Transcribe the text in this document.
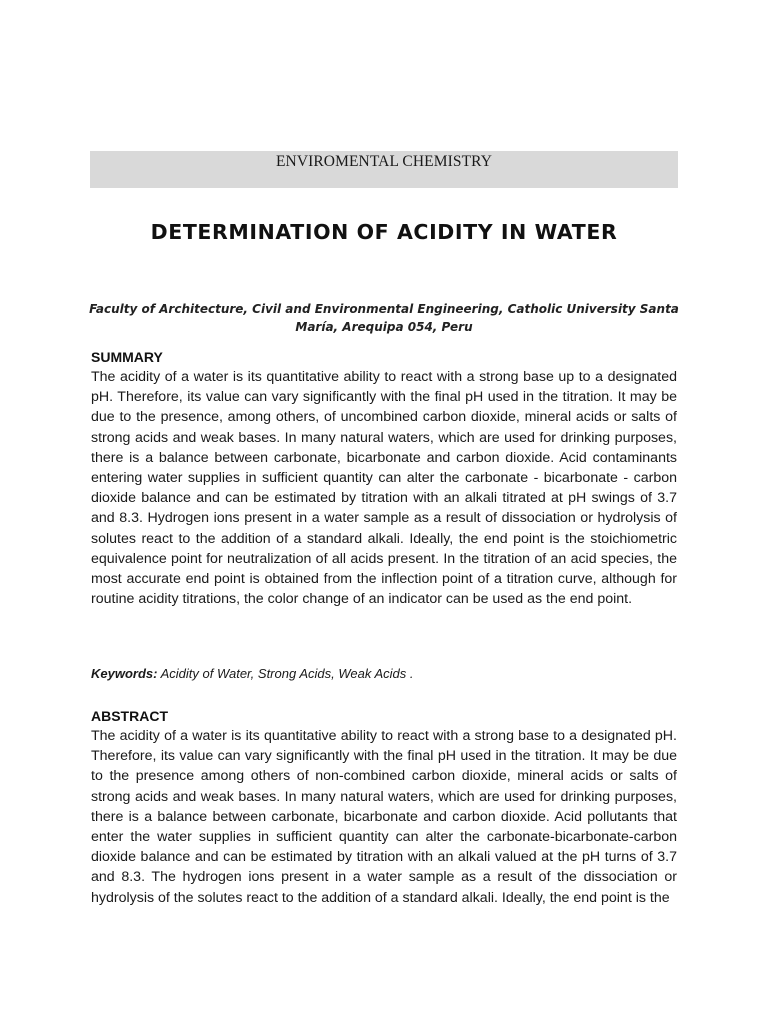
ENVIROMENTAL CHEMISTRY
DETERMINATION OF ACIDITY IN WATER
Faculty of Architecture, Civil and Environmental Engineering, Catholic University Santa María, Arequipa 054, Peru
SUMMARY
The acidity of a water is its quantitative ability to react with a strong base up to a designated pH. Therefore, its value can vary significantly with the final pH used in the titration. It may be due to the presence, among others, of uncombined carbon dioxide, mineral acids or salts of strong acids and weak bases. In many natural waters, which are used for drinking purposes, there is a balance between carbonate, bicarbonate and carbon dioxide. Acid contaminants entering water supplies in sufficient quantity can alter the carbonate - bicarbonate - carbon dioxide balance and can be estimated by titration with an alkali titrated at pH swings of 3.7 and 8.3. Hydrogen ions present in a water sample as a result of dissociation or hydrolysis of solutes react to the addition of a standard alkali. Ideally, the end point is the stoichiometric equivalence point for neutralization of all acids present. In the titration of an acid species, the most accurate end point is obtained from the inflection point of a titration curve, although for routine acidity titrations, the color change of an indicator can be used as the end point.
Keywords: Acidity of Water, Strong Acids, Weak Acids .
ABSTRACT
The acidity of a water is its quantitative ability to react with a strong base to a designated pH. Therefore, its value can vary significantly with the final pH used in the titration. It may be due to the presence among others of non-combined carbon dioxide, mineral acids or salts of strong acids and weak bases. In many natural waters, which are used for drinking purposes, there is a balance between carbonate, bicarbonate and carbon dioxide. Acid pollutants that enter the water supplies in sufficient quantity can alter the carbonate-bicarbonate-carbon dioxide balance and can be estimated by titration with an alkali valued at the pH turns of 3.7 and 8.3. The hydrogen ions present in a water sample as a result of the dissociation or hydrolysis of the solutes react to the addition of a standard alkali. Ideally, the end point is the
